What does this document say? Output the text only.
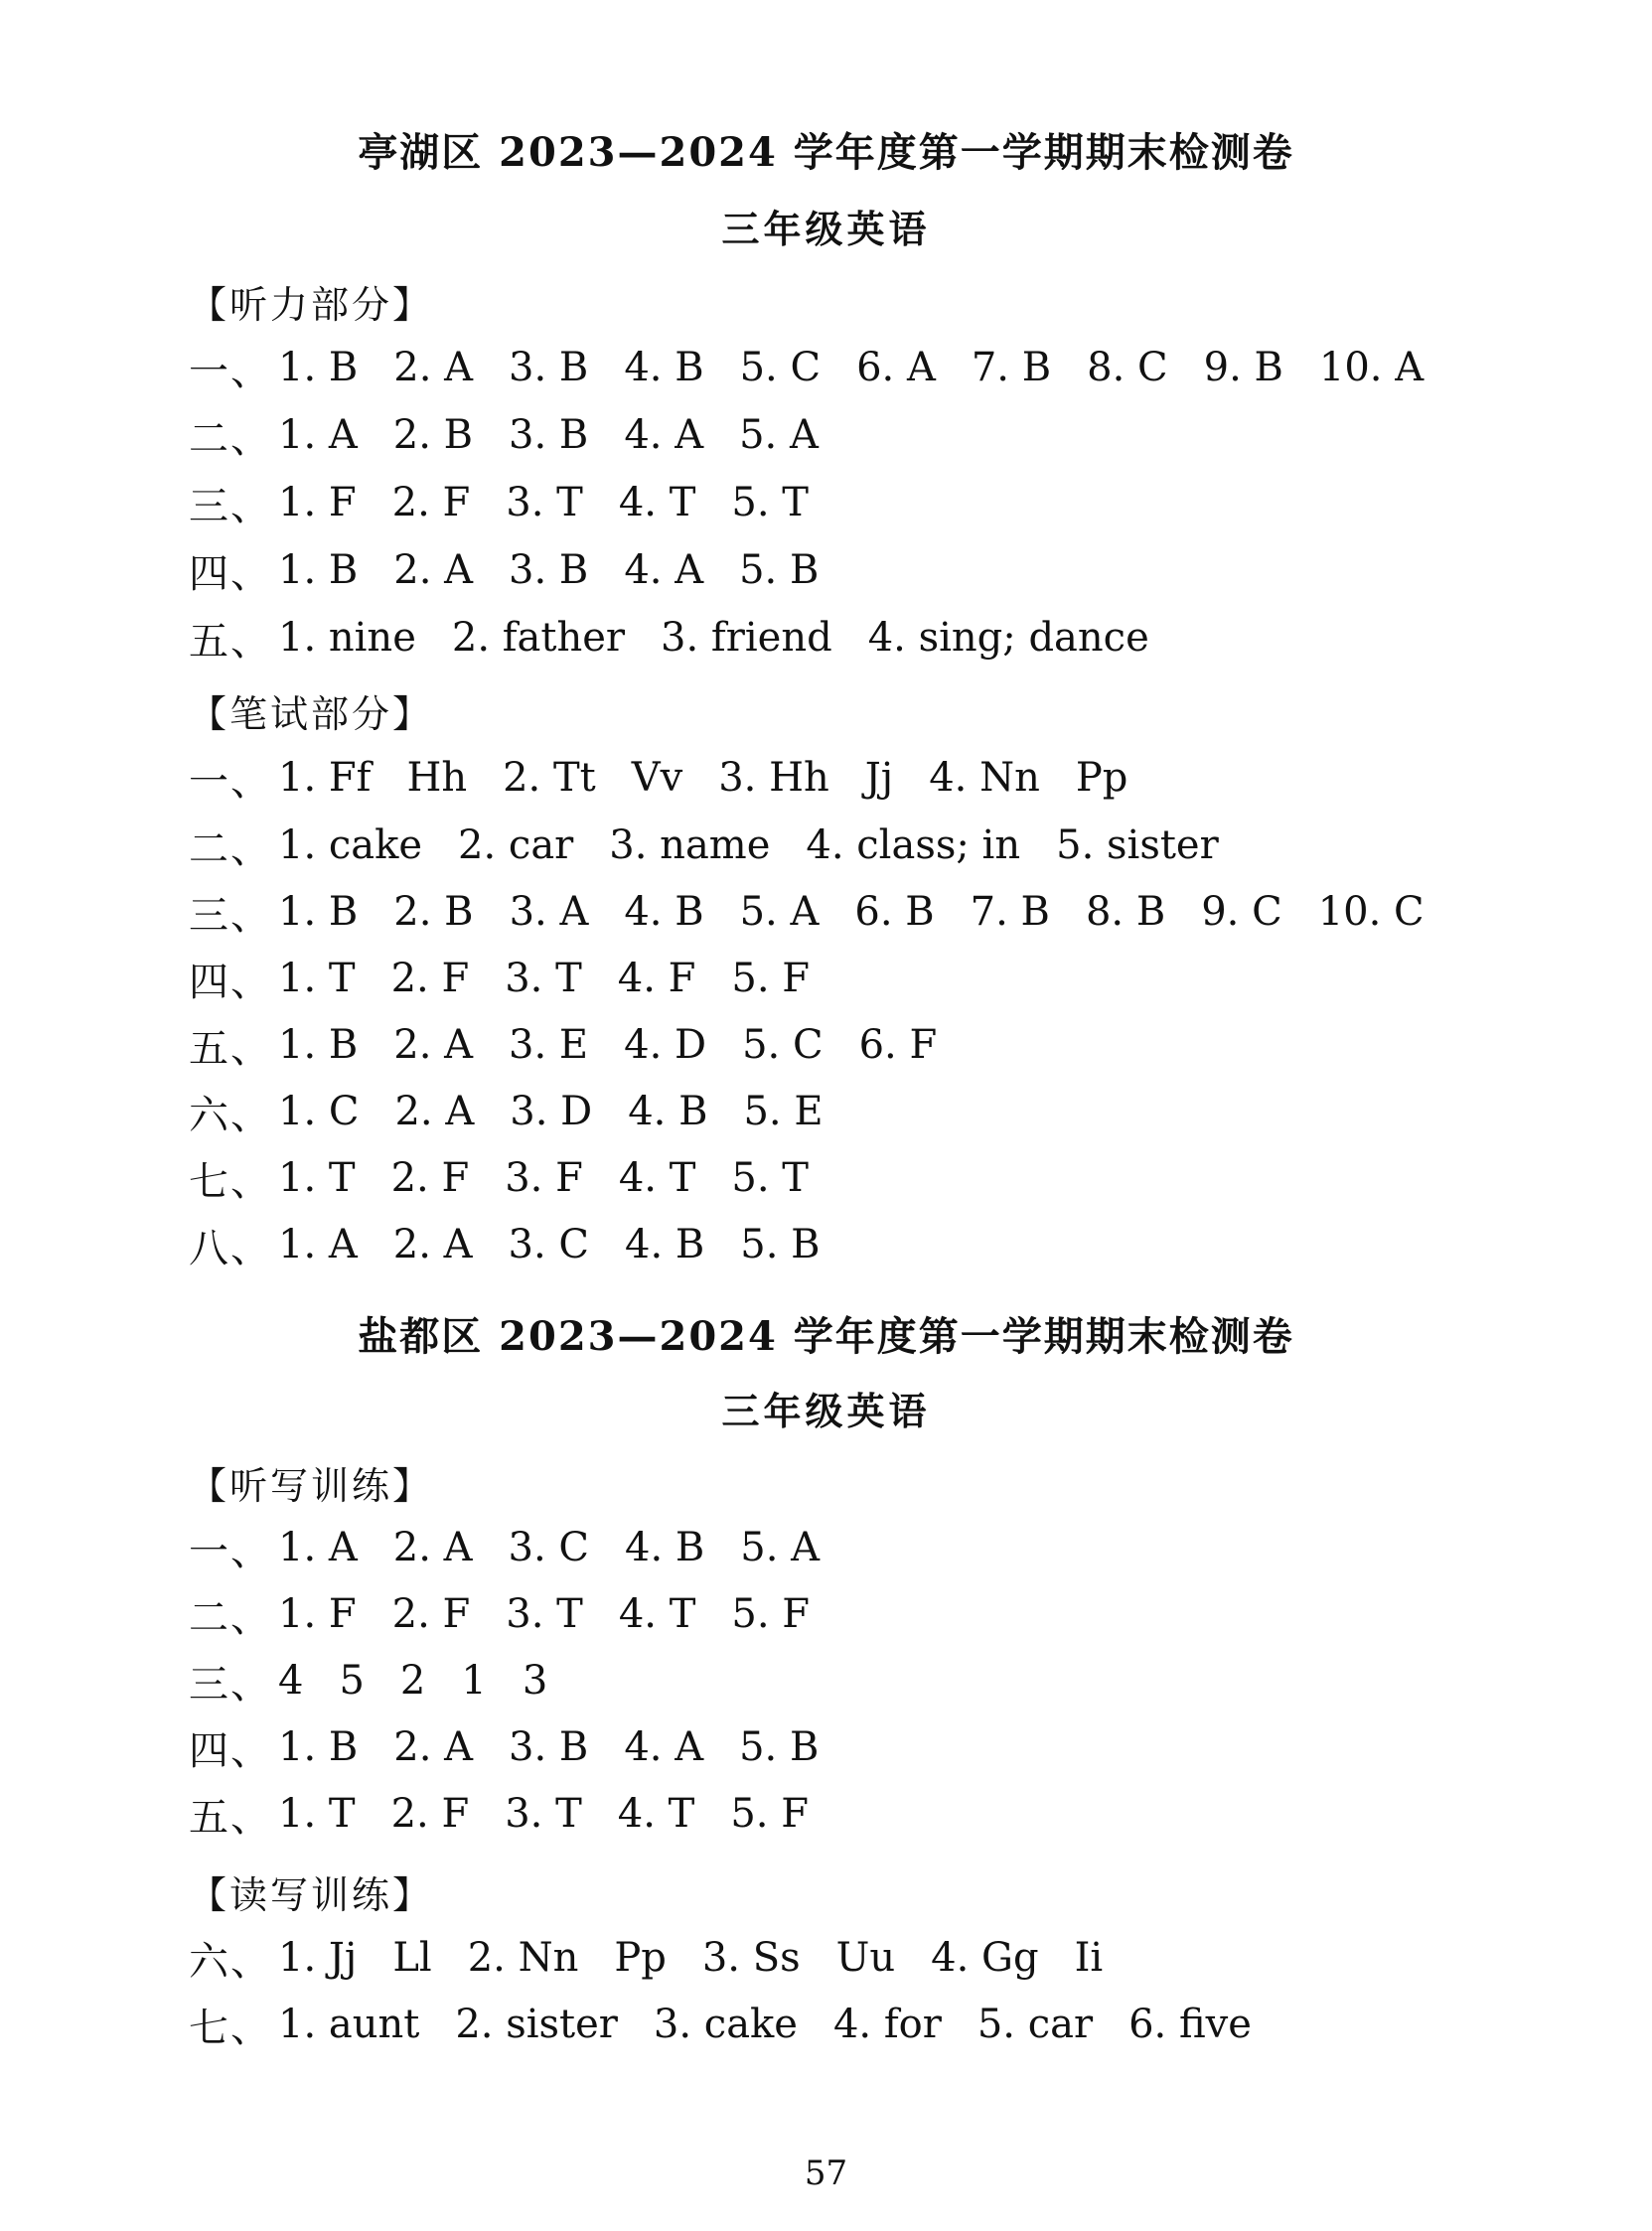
亭湖区 2023—2024 学年度第一学期期末检测卷
三年级英语
【听力部分】
一、 1. B 2. A 3. B 4. B 5. C 6. A 7. B 8. C 9. B 10. A
二、 1. A 2. B 3. B 4. A 5. A
三、 1. F 2. F 3. T 4. T 5. T
四、 1. B 2. A 3. B 4. A 5. B
五、 1. nine 2. father 3. friend 4. sing; dance
【笔试部分】
一、 1. Ff Hh 2. Tt Vv 3. Hh Jj 4. Nn Pp
二、 1. cake 2. car 3. name 4. class; in 5. sister
三、 1. B 2. B 3. A 4. B 5. A 6. B 7. B 8. B 9. C 10. C
四、 1. T 2. F 3. T 4. F 5. F
五、 1. B 2. A 3. E 4. D 5. C 6. F
六、 1. C 2. A 3. D 4. B 5. E
七、 1. T 2. F 3. F 4. T 5. T
八、 1. A 2. A 3. C 4. B 5. B
盐都区 2023—2024 学年度第一学期期末检测卷
三年级英语
【听写训练】
一、 1. A 2. A 3. C 4. B 5. A
二、 1. F 2. F 3. T 4. T 5. F
三、 4 5 2 1 3
四、 1. B 2. A 3. B 4. A 5. B
五、 1. T 2. F 3. T 4. T 5. F
【读写训练】
六、 1. Jj Ll 2. Nn Pp 3. Ss Uu 4. Gg Ii
七、 1. aunt 2. sister 3. cake 4. for 5. car 6. five
57
